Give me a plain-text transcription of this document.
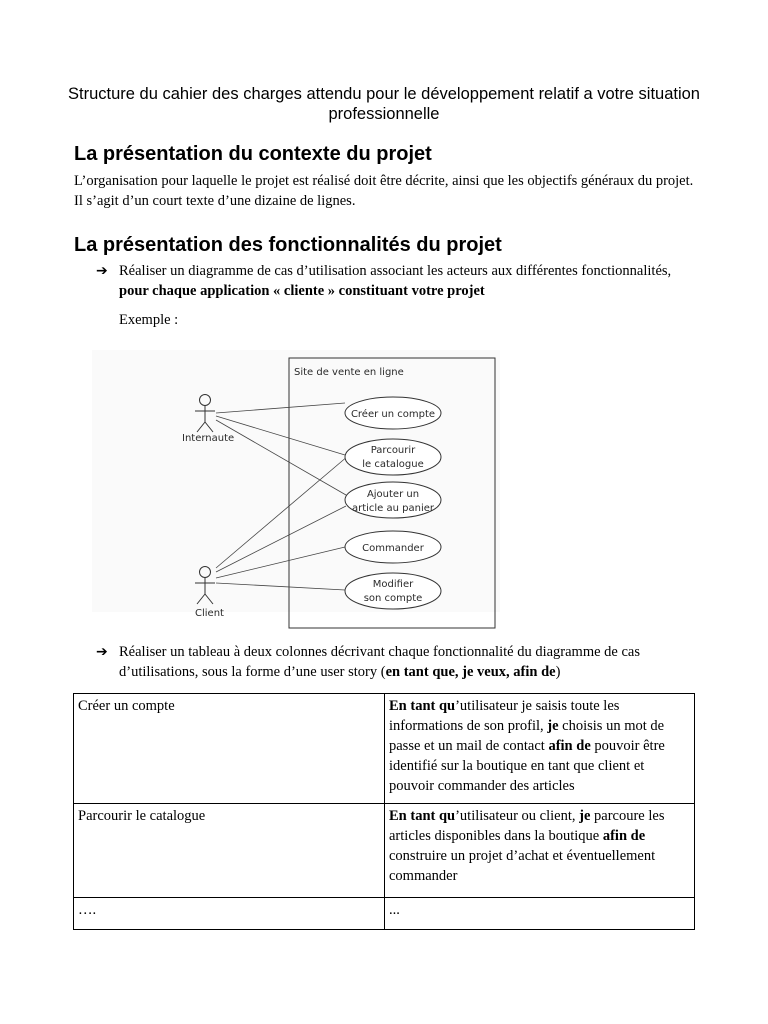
Structure du cahier des charges attendu pour le développement relatif a votre situation professionnelle
La présentation du contexte du projet

L’organisation pour laquelle le projet est réalisé doit être décrite, ainsi que les objectifs généraux du projet. Il s’agit d’un court texte d’une dizaine de lignes.

La présentation des fonctionnalités du projet
➔ Réaliser un diagramme de cas d’utilisation associant les acteurs aux différentes fonctionnalités, pour chaque application « cliente » constituant votre projet

Exemple :

Site de vente en ligne
Internaute
Client
Créer un compte
Parcourir
le catalogue
Ajouter un
article au panier
Commander
Modifier
son compte
➔ Réaliser un tableau à deux colonnes décrivant chaque fonctionnalité du diagramme de cas d’utilisations, sous la forme d’une user story (en tant que, je veux, afin de)

Créer un compte	En tant qu’utilisateur je saisis toute les informations de son profil, je choisis un mot de passe et un mail de contact afin de pouvoir être identifié sur la boutique en tant que client et pouvoir commander des articles
Parcourir le catalogue	En tant qu’utilisateur ou client, je parcoure les articles disponibles dans la boutique afin de construire un projet d’achat et éventuellement commander
….	...
